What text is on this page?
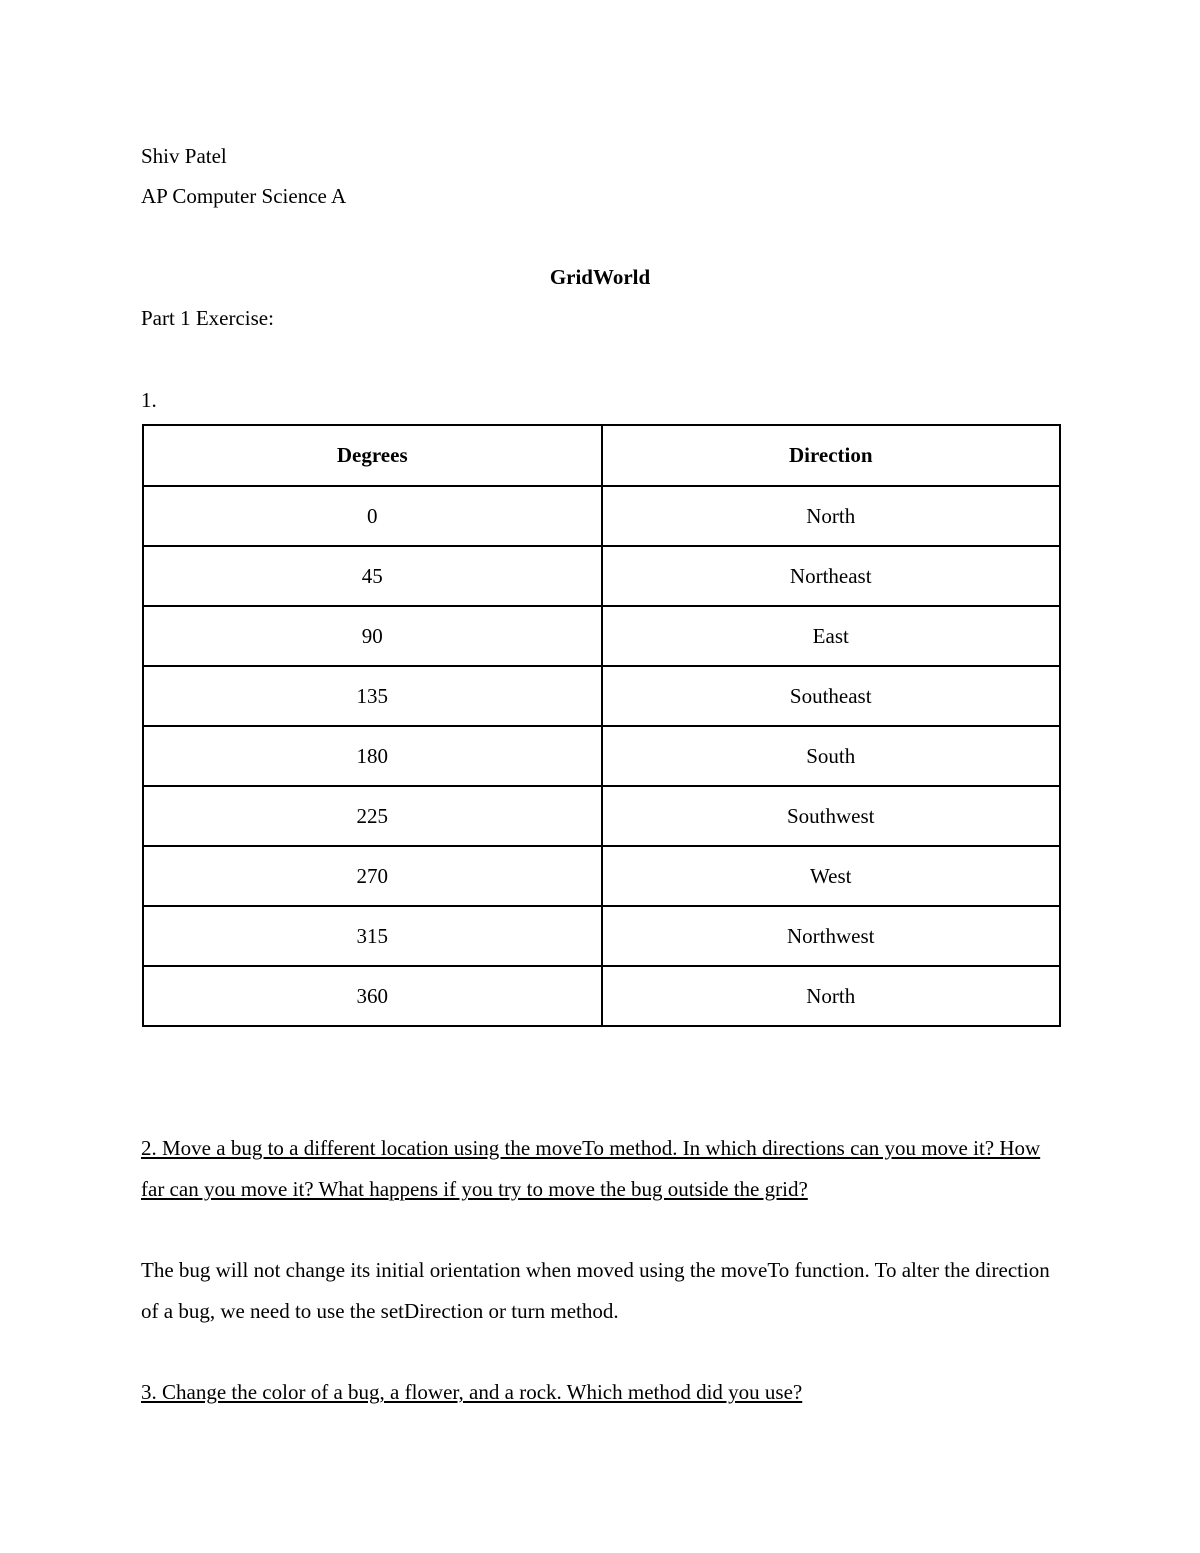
Shiv Patel
AP Computer Science A
GridWorld
Part 1 Exercise:
1.
Degrees	Direction
0	North
45	Northeast
90	East
135	Southeast
180	South
225	Southwest
270	West
315	Northwest
360	North
2. Move a bug to a different location using the moveTo method. In which directions can you move it? How far can you move it? What happens if you try to move the bug outside the grid?
The bug will not change its initial orientation when moved using the moveTo function. To alter the direction of a bug, we need to use the setDirection or turn method.
3. Change the color of a bug, a flower, and a rock. Which method did you use?
